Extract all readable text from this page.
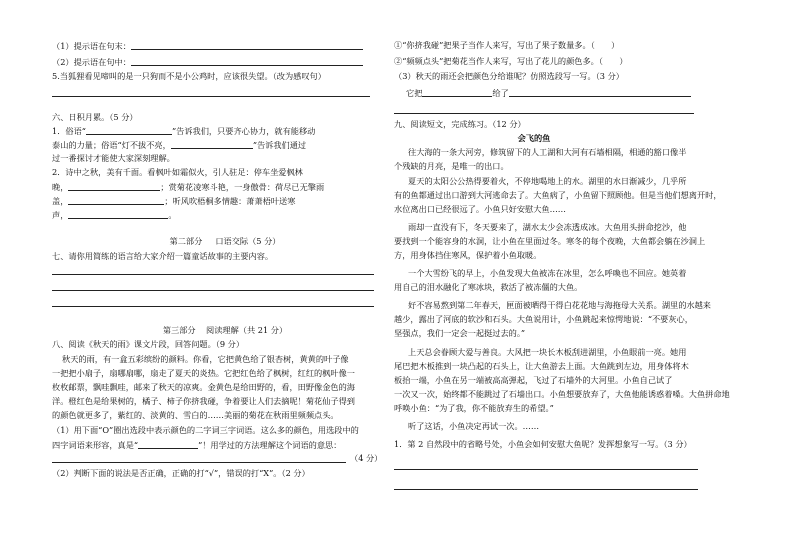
（1）提示语在句末：
（2）提示语在句中：
5.当狐狸看见啼叫的是一只狗而不是小公鸡时，应该很失望。（改为感叹句）
六、日积月累。（5 分）
1．俗语“	”告诉我们，只要齐心协力，就有能移动
泰山的力量；俗语“灯不拔不亮，	”告诉我们通过
过一番探讨才能使大家深刻理解。
2．诗中之秋，美有千面。看枫叶如霜似火，引人驻足：停车坐爱枫林
晚，	；赏菊花凌寒斗艳，一身傲骨：荷尽已无擎雨
盖，	；听风吹梧桐多情趣：萧萧梧叶送寒
声，	。
第二部分 口语交际（5 分）
七、请你用简练的语言给大家介绍一篇童话故事的主要内容。
第三部分 阅读理解（共 21 分）
八、阅读《秋天的雨》课文片段，回答问题。（9 分）
秋天的雨，有一盒五彩缤纷的颜料。你看，它把黄色给了银杏树，黄黄的叶子像
一把把小扇子，扇哪扇哪，扇走了夏天的炎热。它把红色给了枫树，红红的枫叶像一
枚枚邮票，飘哇飘哇，邮来了秋天的凉爽。金黄色是给田野的，看，田野像金色的海
洋。橙红色是给果树的，橘子、柿子你挤我碰，争着要让人们去摘呢！菊花仙子得到
的颜色就更多了，紫红的、淡黄的、雪白的……美丽的菊花在秋雨里频频点头。
（1）用下面“O”圈出选段中表示颜色的二字词三字词语。这么多的颜色，用选段中的
四字词语来形容，真是“	”！用学过的方法理解这个词语的意思：
（4 分）
（2）判断下面的说法是否正确，正确的打“√”，错误的打“X”。（2 分）
①“你挤我碰”把果子当作人来写，写出了果子数量多。（　　）
②“频频点头”把菊花当作人来写，写出了花儿的颜色多。（　　）
（3）秋天的雨还会把颜色分给谁呢？仿照选段写一写。（3 分）
它把	给了
九、阅读短文，完成练习。（12 分）
会飞的鱼
往大海的一条大河旁，修筑留下的人工湖和大河有石墙相隔，相通的豁口像半
个残缺的月亮，是唯一的出口。
夏天的太阳公公热得要着火，不停地喝地上的水。湖里的水日渐减少，几乎所
有的鱼都通过出口游到大河逃命去了。大鱼病了，小鱼留下照顾他。但是当他们想离开时，
水位离出口已经很远了。小鱼只好安慰大鱼……
雨却一直没有下，冬天要来了，湖水太少会冻透成冰。大鱼用头拼命挖沙，他
要找到一个能容身的水洞，让小鱼在里面过冬。寒冬的每个夜晚，大鱼都会躺在沙洞上
方，用身体挡住寒风，保护着小鱼取暖。
一个大雪纷飞的早上，小鱼发现大鱼被冻在冰里，怎么呼喚也不回应。她英着
用自己的泪水融化了寒冰块，救活了被冻僵的大鱼。
好不容易熬到第二年春天，匣面被晒得干得白花花地与海拖母大关系。湖里的水越来
越少，露出了河底的软沙和石头。大鱼说用计，小鱼跳起来惊愕地说：“不要灰心，
坚强点，我们一定会一起挺过去的。”
上天总会眷顾大爱与善良。大风把一块长木板刮进湖里，小鱼眼前一亮。她用
尾巴把木板推到一块凸起的石头上，让大鱼游去上面。大鱼跳到左边，用身体将木
板抬一端，小鱼在另一端被高高弹起，飞过了石墙外的大河里。小鱼自己试了
一次又一次，始终都不能跳过了石墙出口。小鱼想要放弃了，大鱼他能诱惑着嗓。大鱼拼命地
呼唤小鱼：“为了我，你不能放弃生的希望。”
听了这话，小鱼决定再试一次。……
1．第 2 自然段中的省略号处，小鱼会如何安慰大鱼呢？发挥想象写一写。（3 分）
